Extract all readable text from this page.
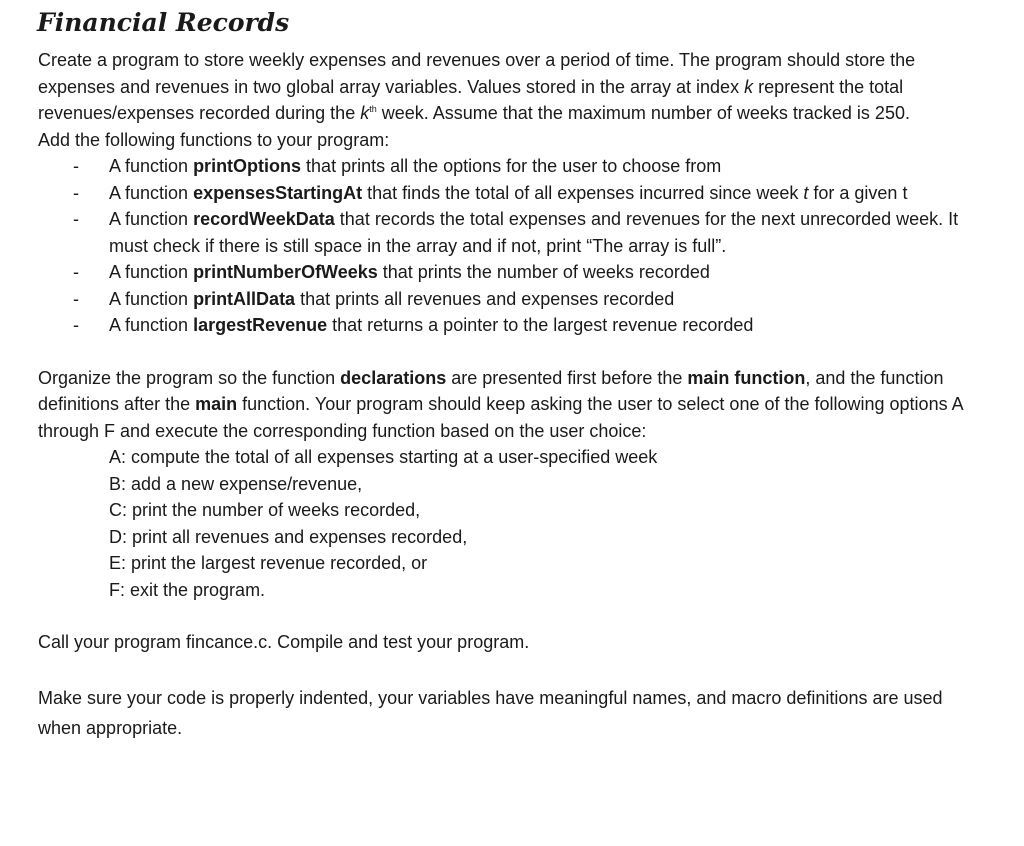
Financial Records

Create a program to store weekly expenses and revenues over a period of time. The program should store the expenses and revenues in two global array variables. Values stored in the array at index k represent the total revenues/expenses recorded during the $k^{th}$ week. Assume that the maximum number of weeks tracked is 250.

Add the following functions to your program:

- A function printOptions that prints all the options for the user to choose from
- A function expensesStartingAt that finds the total of all expenses incurred since week t for a given t
- A function recordWeekData that records the total expenses and revenues for the next unrecorded week. It must check if there is still space in the array and if not, print “The array is full”.
- A function printNumberOfWeeks that prints the number of weeks recorded
- A function printAllData that prints all revenues and expenses recorded
- A function largestRevenue that returns a pointer to the largest revenue recorded

Organize the program so the function declarations are presented first before the main function, and the function definitions after the main function. Your program should keep asking the user to select one of the following options A through F and execute the corresponding function based on the user choice:

A: compute the total of all expenses starting at a user-specified week
B: add a new expense/revenue,
C: print the number of weeks recorded,
D: print all revenues and expenses recorded,
E: print the largest revenue recorded, or
F: exit the program.

Call your program fincance.c. Compile and test your program.

Make sure your code is properly indented, your variables have meaningful names, and macro definitions are used when appropriate.
